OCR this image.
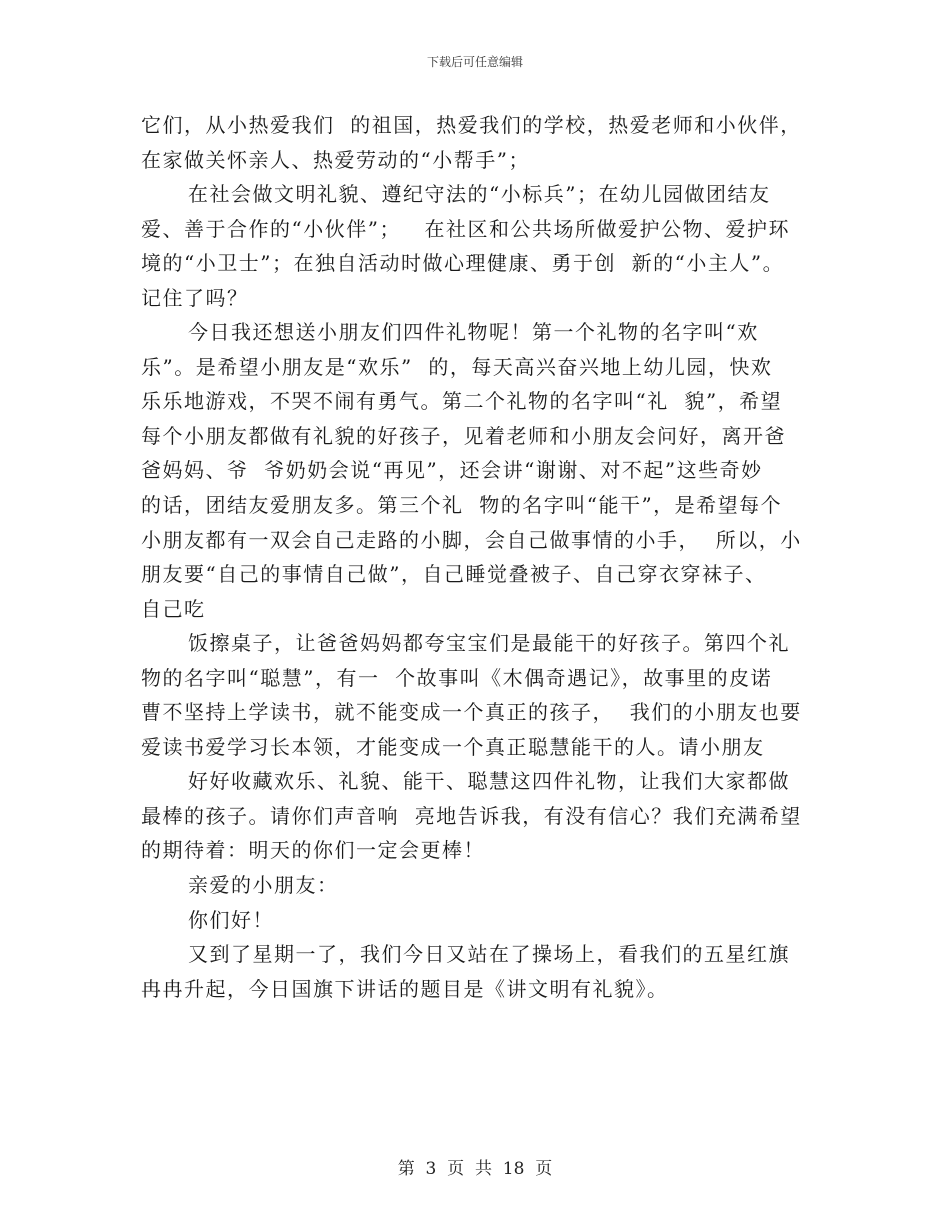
下载后可任意编辑
它们，从小热爱我们  的祖国，热爱我们的学校，热爱老师和小伙伴，
在家做关怀亲人、热爱劳动的“小帮手”；
在社会做文明礼貌、遵纪守法的“小标兵”；在幼儿园做团结友
爱、善于合作的“小伙伴”；   在社区和公共场所做爱护公物、爱护环
境的“小卫士”；在独自活动时做心理健康、勇于创  新的“小主人”。
记住了吗？
今日我还想送小朋友们四件礼物呢！第一个礼物的名字叫“欢
乐”。是希望小朋友是“欢乐”  的，每天高兴奋兴地上幼儿园，快欢
乐乐地游戏，不哭不闹有勇气。第二个礼物的名字叫“礼  貌”，希望
每个小朋友都做有礼貌的好孩子，见着老师和小朋友会问好，离开爸
爸妈妈、爷  爷奶奶会说“再见”，还会讲“谢谢、对不起”这些奇妙
的话，团结友爱朋友多。第三个礼  物的名字叫“能干”，是希望每个
小朋友都有一双会自己走路的小脚，会自己做事情的小手，  所以，小
朋友要“自己的事情自己做”，自己睡觉叠被子、自己穿衣穿袜子、
自己吃
饭擦桌子，让爸爸妈妈都夸宝宝们是最能干的好孩子。第四个礼
物的名字叫“聪慧”，有一  个故事叫《木偶奇遇记》，故事里的皮诺
曹不坚持上学读书，就不能变成一个真正的孩子，  我们的小朋友也要
爱读书爱学习长本领，才能变成一个真正聪慧能干的人。请小朋友
好好收藏欢乐、礼貌、能干、聪慧这四件礼物，让我们大家都做
最棒的孩子。请你们声音响  亮地告诉我，有没有信心？我们充满希望
的期待着：明天的你们一定会更棒！
亲爱的小朋友：
你们好！
又到了星期一了，我们今日又站在了操场上，看我们的五星红旗
冉冉升起，今日国旗下讲话的题目是《讲文明有礼貌》。
第  3  页  共  18  页
